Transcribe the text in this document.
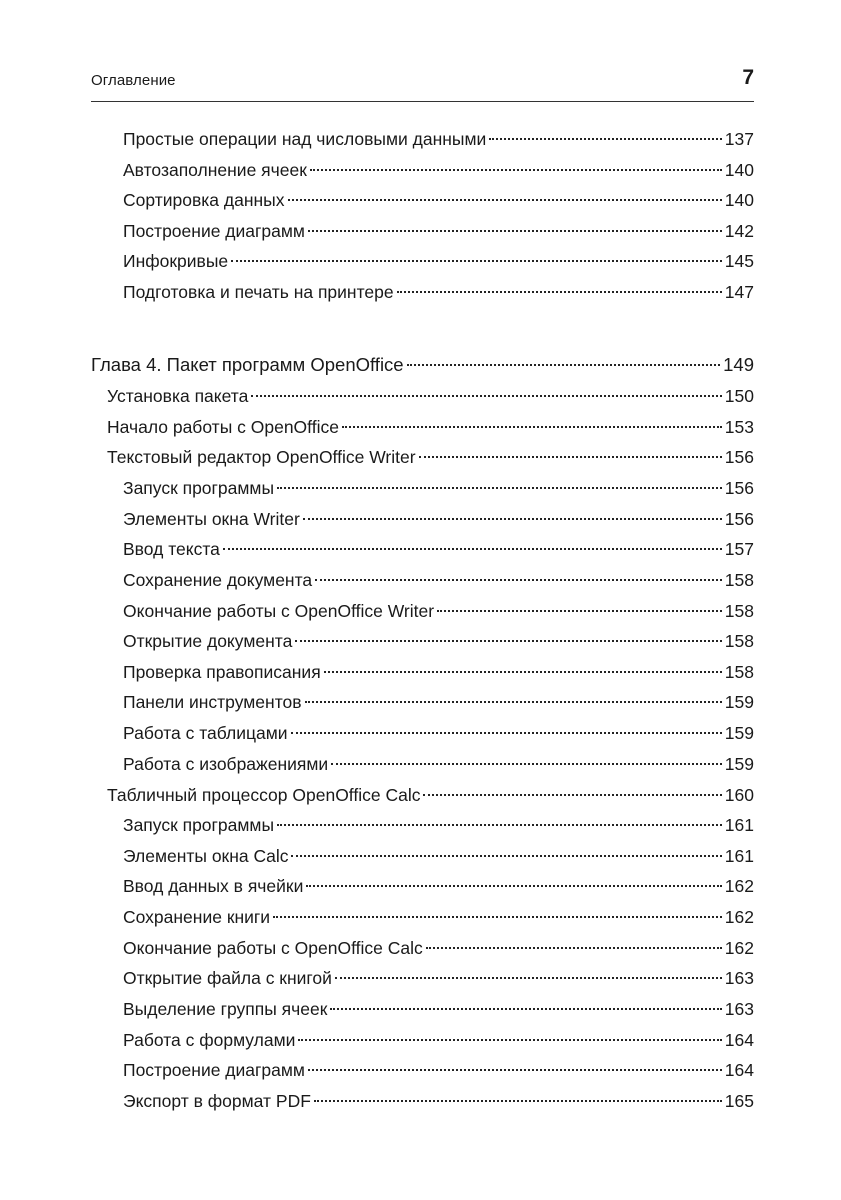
Оглавление	7
Простые операции над числовыми данными	137
Автозаполнение ячеек	140
Сортировка данных	140
Построение диаграмм	142
Инфокривые	145
Подготовка и печать на принтере	147
Глава 4. Пакет программ OpenOffice	149
Установка пакета	150
Начало работы с OpenOffice	153
Текстовый редактор OpenOffice Writer	156
Запуск программы	156
Элементы окна Writer	156
Ввод текста	157
Сохранение документа	158
Окончание работы с OpenOffice Writer	158
Открытие документа	158
Проверка правописания	158
Панели инструментов	159
Работа с таблицами	159
Работа с изображениями	159
Табличный процессор OpenOffice Calc	160
Запуск программы	161
Элементы окна Calc	161
Ввод данных в ячейки	162
Сохранение книги	162
Окончание работы с OpenOffice Calc	162
Открытие файла с книгой	163
Выделение группы ячеек	163
Работа с формулами	164
Построение диаграмм	164
Экспорт в формат PDF	165
